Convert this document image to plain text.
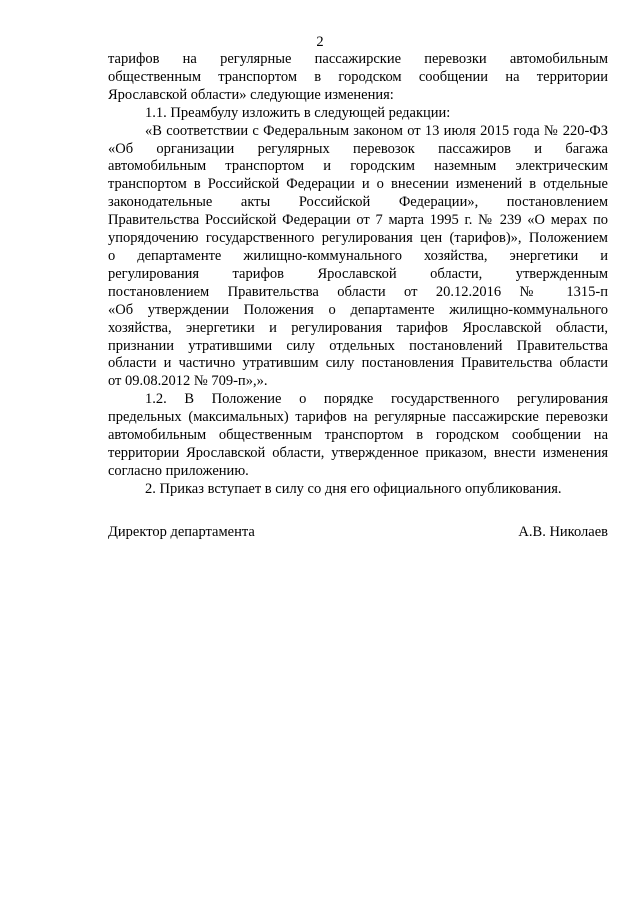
2
тарифов на регулярные пассажирские перевозки автомобильным
общественным транспортом в городском сообщении на территории
Ярославской области» следующие изменения:
1.1. Преамбулу изложить в следующей редакции:
«В соответствии с Федеральным законом от 13 июля 2015 года № 220-ФЗ
«Об организации регулярных перевозок пассажиров и багажа
автомобильным транспортом и городским наземным электрическим
транспортом в Российской Федерации и о внесении изменений в отдельные
законодательные акты Российской Федерации», постановлением
Правительства Российской Федерации от 7 марта 1995 г. № 239 «О мерах по
упорядочению государственного регулирования цен (тарифов)», Положением
о департаменте жилищно-коммунального хозяйства, энергетики и
регулирования тарифов Ярославской области, утвержденным
постановлением Правительства области от 20.12.2016 № 1315-п
«Об утверждении Положения о департаменте жилищно-коммунального
хозяйства, энергетики и регулирования тарифов Ярославской области,
признании утратившими силу отдельных постановлений Правительства
области и частично утратившим силу постановления Правительства области
от 09.08.2012 № 709-п»,».
1.2. В Положение о порядке государственного регулирования
предельных (максимальных) тарифов на регулярные пассажирские перевозки
автомобильным общественным транспортом в городском сообщении на
территории Ярославской области, утвержденное приказом, внести изменения
согласно приложению.
2. Приказ вступает в силу со дня его официального опубликования.
Директор департамента	А.В. Николаев
